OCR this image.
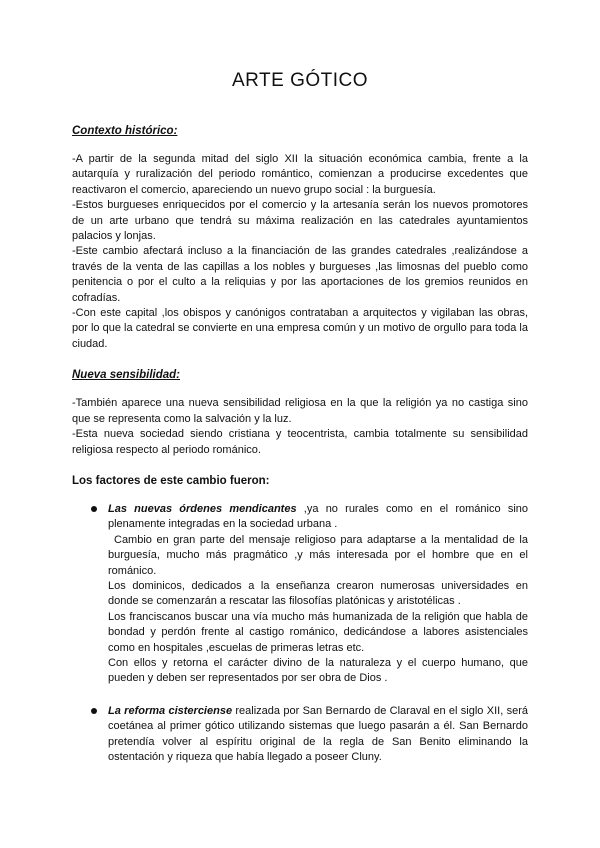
ARTE GÓTICO
Contexto histórico:

-A partir de la segunda mitad del siglo XII la situación económica cambia, frente a la autarquía y ruralización del periodo romántico, comienzan a producirse excedentes que reactivaron el comercio, apareciendo un nuevo grupo social : la burguesía.

-Estos burgueses enriquecidos por el comercio y la artesanía serán los nuevos promotores de un arte urbano que tendrá su máxima realización en las catedrales ayuntamientos palacios y lonjas.

-Este cambio afectará incluso a la financiación de las grandes catedrales ,realizándose a través de la venta de las capillas a los nobles y burgueses ,las limosnas del pueblo como penitencia o por el culto a la reliquias y por las aportaciones de los gremios reunidos en cofradías.

-Con este capital ,los obispos y canónigos contrataban a arquitectos y vigilaban las obras, por lo que la catedral se convierte en una empresa común y un motivo de orgullo para toda la ciudad.

Nueva sensibilidad:

-También aparece una nueva sensibilidad religiosa en la que la religión ya no castiga sino que se representa como la salvación y la luz.

-Esta nueva sociedad siendo cristiana y teocentrista, cambia totalmente su sensibilidad religiosa respecto al periodo románico.

Los factores de este cambio fueron:

Las nuevas órdenes mendicantes ,ya no rurales como en el románico sino plenamente integradas en la sociedad urbana .

Cambio en gran parte del mensaje religioso para adaptarse a la mentalidad de la burguesía, mucho más pragmático ,y más interesada por el hombre que en el románico.

Los dominicos, dedicados a la enseñanza crearon numerosas universidades en donde se comenzarán a rescatar las filosofías platónicas y aristotélicas .

Los franciscanos buscar una vía mucho más humanizada de la religión que habla de bondad y perdón frente al castigo románico, dedicándose a labores asistenciales como en hospitales ,escuelas de primeras letras etc.

Con ellos y retorna el carácter divino de la naturaleza y el cuerpo humano, que pueden y deben ser representados por ser obra de Dios .

La reforma cisterciense realizada por San Bernardo de Claraval en el siglo XII, será coetánea al primer gótico utilizando sistemas que luego pasarán a él. San Bernardo pretendía volver al espíritu original de la regla de San Benito eliminando la ostentación y riqueza que había llegado a poseer Cluny.
